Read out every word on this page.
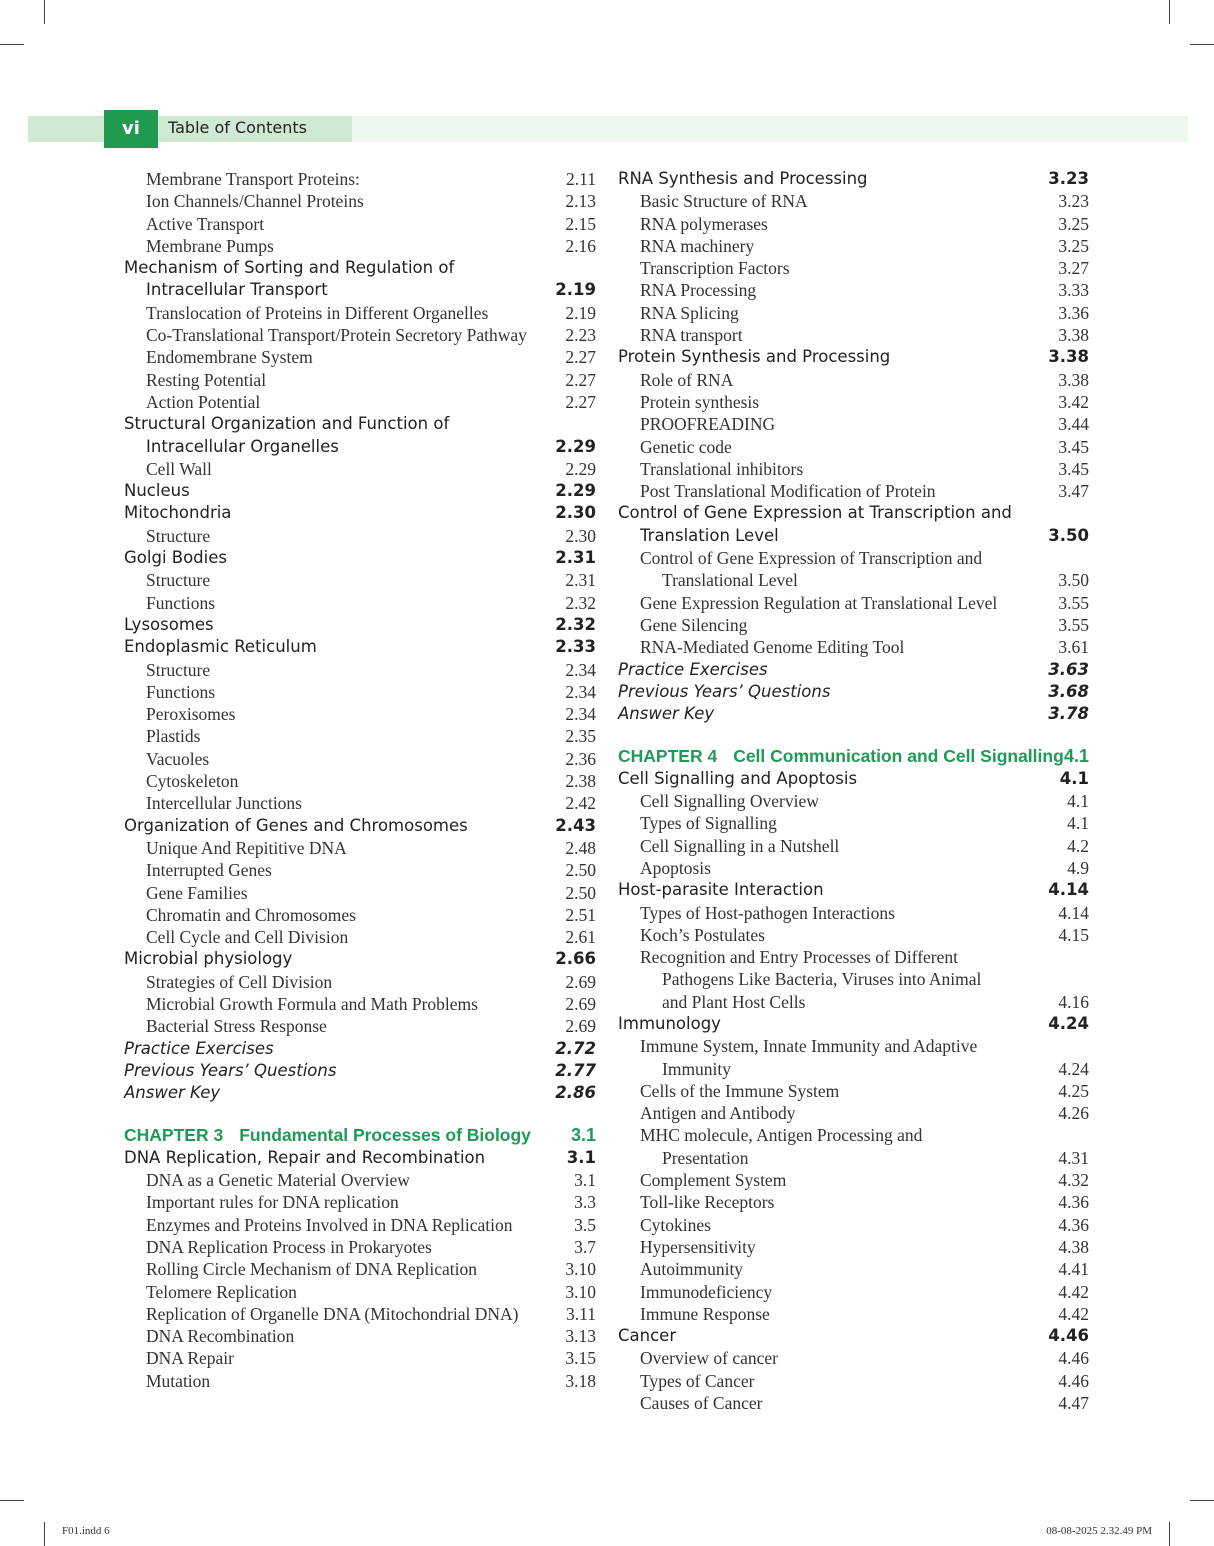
vi	Table of Contents
Membrane Transport Proteins:	2.11
Ion Channels/Channel Proteins	2.13
Active Transport	2.15
Membrane Pumps	2.16
Mechanism of Sorting and Regulation of
Intracellular Transport	2.19
Translocation of Proteins in Different Organelles	2.19
Co-Translational Transport/Protein Secretory Pathway 2.23
Endomembrane System	2.27
Resting Potential	2.27
Action Potential	2.27
Structural Organization and Function of
Intracellular Organelles	2.29
Cell Wall	2.29
Nucleus	2.29
Mitochondria	2.30
Structure	2.30
Golgi Bodies	2.31
Structure	2.31
Functions	2.32
Lysosomes	2.32
Endoplasmic Reticulum	2.33
Structure	2.34
Functions	2.34
Peroxisomes	2.34
Plastids	2.35
Vacuoles	2.36
Cytoskeleton	2.38
Intercellular Junctions	2.42
Organization of Genes and Chromosomes	2.43
Unique And Repititive DNA	2.48
Interrupted Genes	2.50
Gene Families	2.50
Chromatin and Chromosomes	2.51
Cell Cycle and Cell Division	2.61
Microbial physiology	2.66
Strategies of Cell Division	2.69
Microbial Growth Formula and Math Problems	2.69
Bacterial Stress Response	2.69
Practice Exercises	2.72
Previous Years’ Questions	2.77
Answer Key	2.86
CHAPTER 3 Fundamental Processes of Biology 3.1
DNA Replication, Repair and Recombination	3.1
DNA as a Genetic Material Overview	3.1
Important rules for DNA replication	3.3
Enzymes and Proteins Involved in DNA Replication	3.5
DNA Replication Process in Prokaryotes	3.7
Rolling Circle Mechanism of DNA Replication	3.10
Telomere Replication	3.10
Replication of Organelle DNA (Mitochondrial DNA)	3.11
DNA Recombination	3.13
DNA Repair	3.15
Mutation	3.18
RNA Synthesis and Processing	3.23
Basic Structure of RNA	3.23
RNA polymerases	3.25
RNA machinery	3.25
Transcription Factors	3.27
RNA Processing	3.33
RNA Splicing	3.36
RNA transport	3.38
Protein Synthesis and Processing	3.38
Role of RNA	3.38
Protein synthesis	3.42
PROOFREADING	3.44
Genetic code	3.45
Translational inhibitors	3.45
Post Translational Modification of Protein	3.47
Control of Gene Expression at Transcription and
Translation Level	3.50
Control of Gene Expression of Transcription and
Translational Level	3.50
Gene Expression Regulation at Translational Level	3.55
Gene Silencing	3.55
RNA-Mediated Genome Editing Tool	3.61
Practice Exercises	3.63
Previous Years’ Questions	3.68
Answer Key	3.78
CHAPTER 4 Cell Communication and Cell Signalling 4.1
Cell Signalling and Apoptosis	4.1
Cell Signalling Overview	4.1
Types of Signalling	4.1
Cell Signalling in a Nutshell	4.2
Apoptosis	4.9
Host-parasite Interaction	4.14
Types of Host-pathogen Interactions	4.14
Koch’s Postulates	4.15
Recognition and Entry Processes of Different
Pathogens Like Bacteria, Viruses into Animal
and Plant Host Cells	4.16
Immunology	4.24
Immune System, Innate Immunity and Adaptive
Immunity	4.24
Cells of the Immune System	4.25
Antigen and Antibody	4.26
MHC molecule, Antigen Processing and
Presentation	4.31
Complement System	4.32
Toll-like Receptors	4.36
Cytokines	4.36
Hypersensitivity	4.38
Autoimmunity	4.41
Immunodeficiency	4.42
Immune Response	4.42
Cancer	4.46
Overview of cancer	4.46
Types of Cancer	4.46
Causes of Cancer	4.47
F01.indd 6	08-08-2025 2.32.49 PM
